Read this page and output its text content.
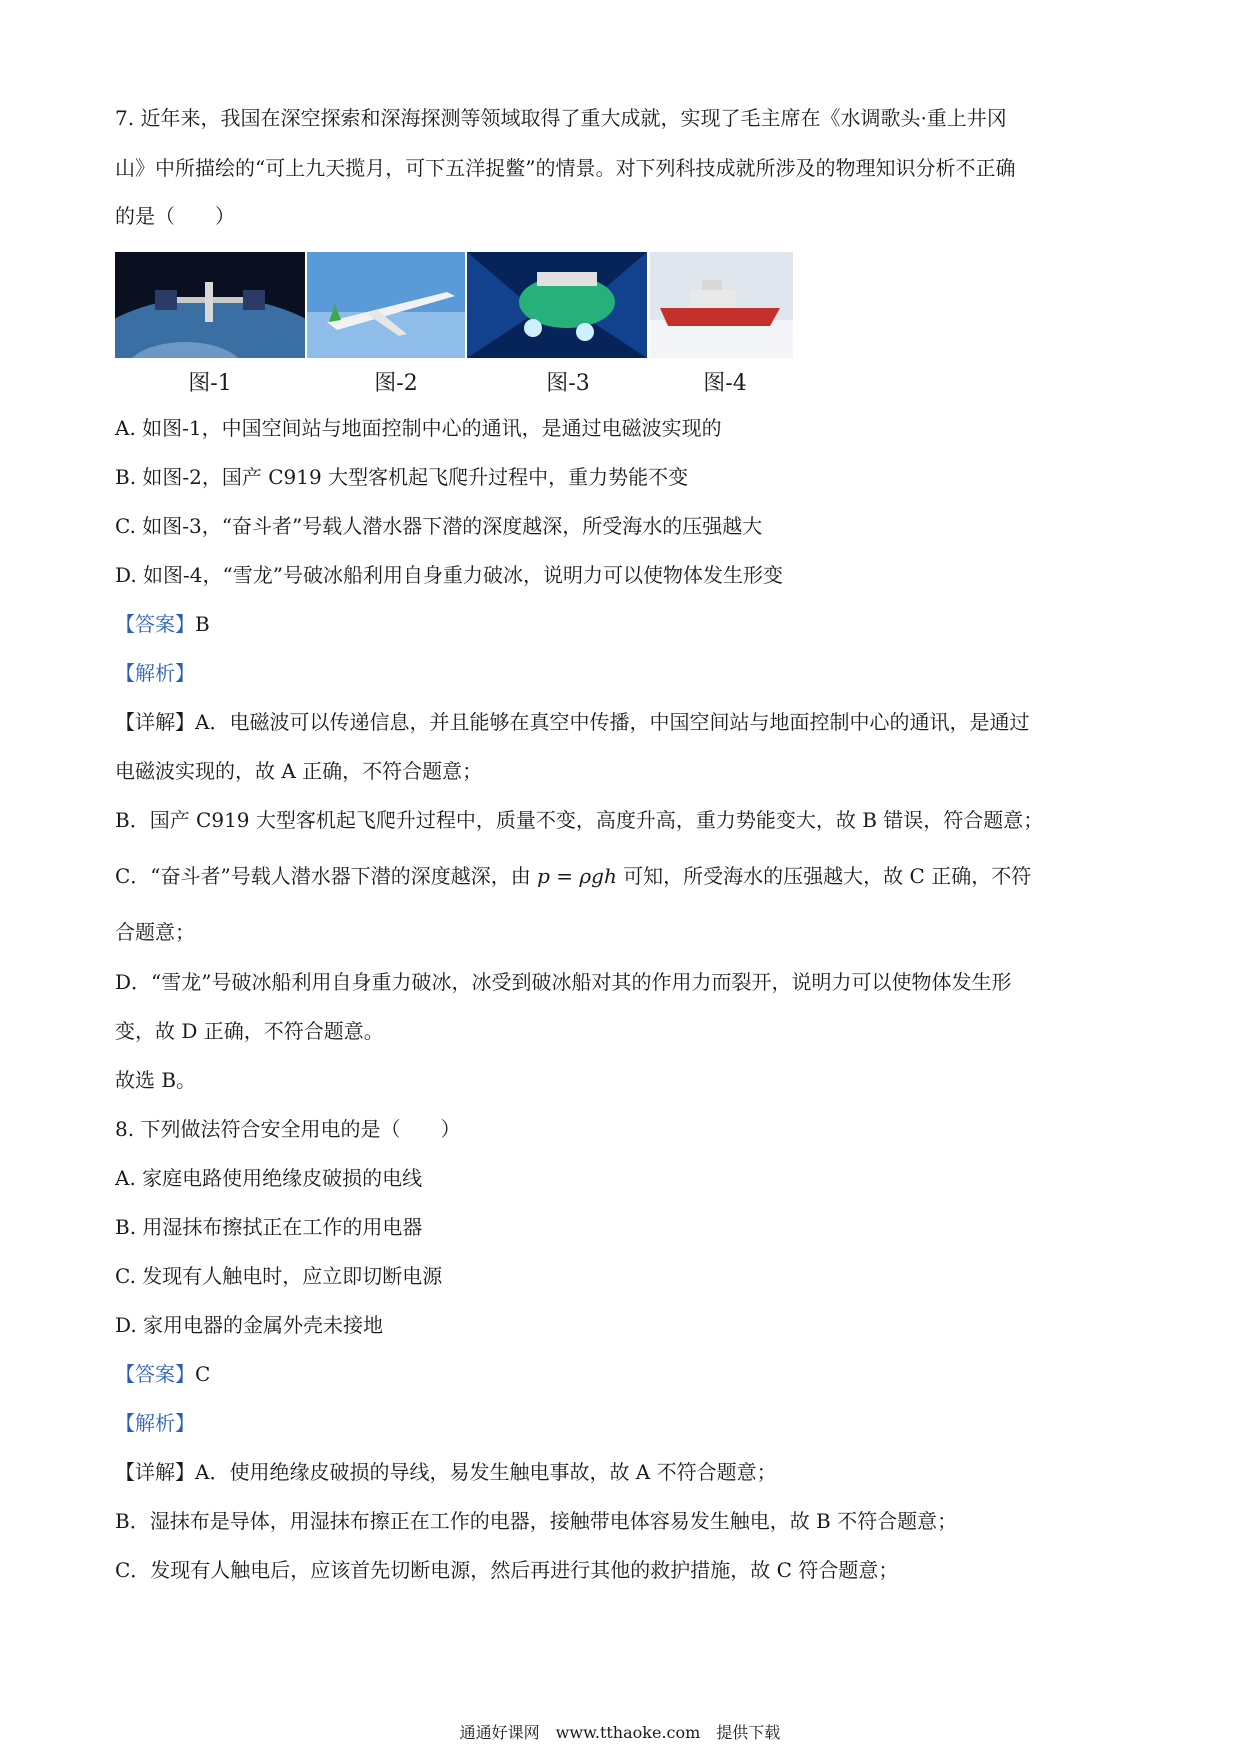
7. 近年来，我国在深空探索和深海探测等领域取得了重大成就，实现了毛主席在《水调歌头·重上井冈
山》中所描绘的“可上九天揽月，可下五洋捉鳖”的情景。对下列科技成就所涉及的物理知识分析不正确
的是（　　）
图-1	图-2	图-3	图-4
A. 如图-1，中国空间站与地面控制中心的通讯，是通过电磁波实现的
B. 如图-2，国产 C919 大型客机起飞爬升过程中，重力势能不变
C. 如图-3，“奋斗者”号载人潜水器下潜的深度越深，所受海水的压强越大
D. 如图-4，“雪龙”号破冰船利用自身重力破冰，说明力可以使物体发生形变
【答案】B
【解析】
【详解】A．电磁波可以传递信息，并且能够在真空中传播，中国空间站与地面控制中心的通讯，是通过
电磁波实现的，故 A 正确，不符合题意；
B．国产 C919 大型客机起飞爬升过程中，质量不变，高度升高，重力势能变大，故 B 错误，符合题意；
C．“奋斗者”号载人潜水器下潜的深度越深，由 p = ρgh 可知，所受海水的压强越大，故 C 正确，不符
合题意；
D．“雪龙”号破冰船利用自身重力破冰，冰受到破冰船对其的作用力而裂开，说明力可以使物体发生形
变，故 D 正确，不符合题意。
故选 B。
8. 下列做法符合安全用电的是（　　）
A. 家庭电路使用绝缘皮破损的电线
B. 用湿抹布擦拭正在工作的用电器
C. 发现有人触电时，应立即切断电源
D. 家用电器的金属外壳未接地
【答案】C
【解析】
【详解】A．使用绝缘皮破损的导线，易发生触电事故，故 A 不符合题意；
B．湿抹布是导体，用湿抹布擦正在工作的电器，接触带电体容易发生触电，故 B 不符合题意；
C．发现有人触电后，应该首先切断电源，然后再进行其他的救护措施，故 C 符合题意；
通通好课网　www.tthaoke.com　提供下载
